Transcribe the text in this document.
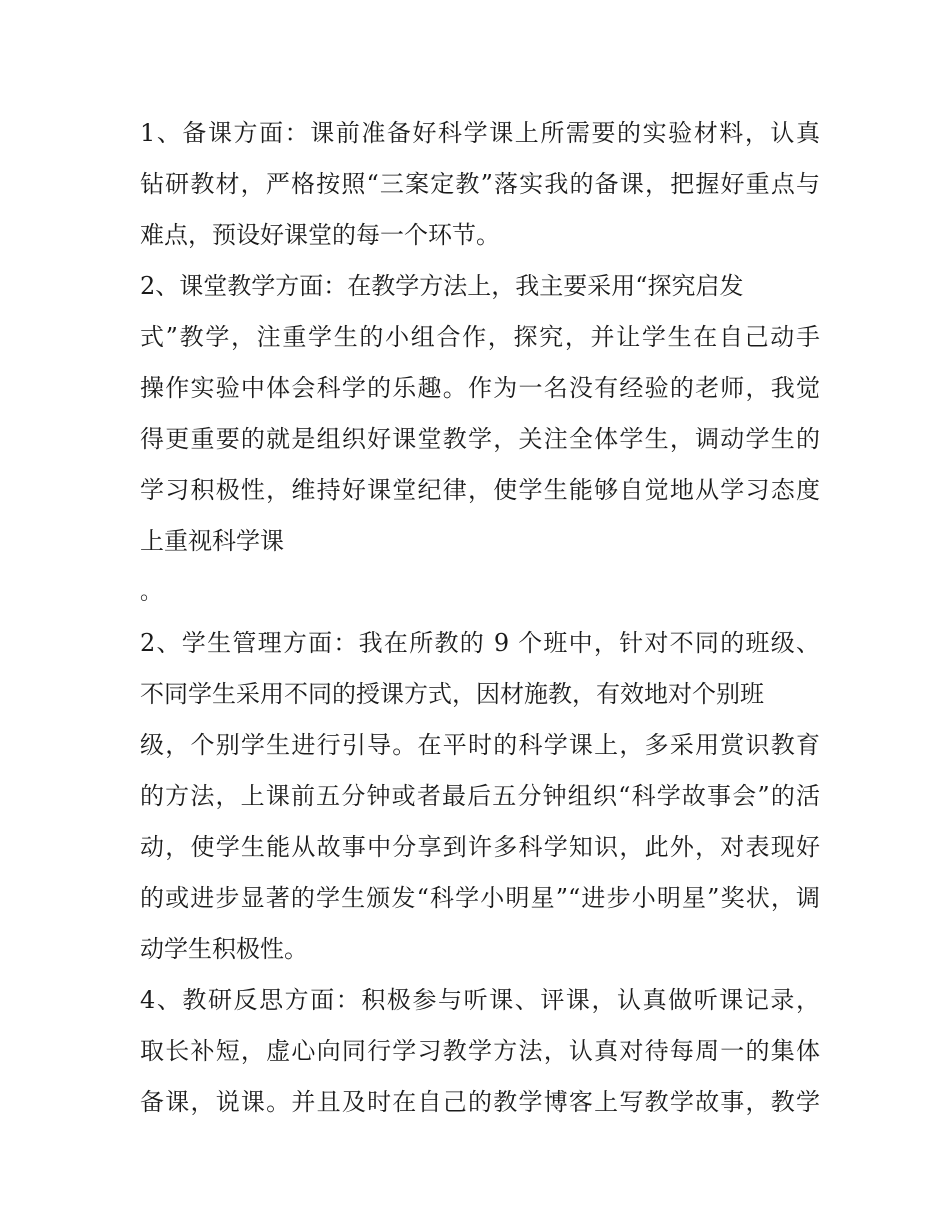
1、备课方面：课前准备好科学课上所需要的实验材料，认真
钻研教材，严格按照“三案定教”落实我的备课，把握好重点与
难点，预设好课堂的每一个环节。
2、课堂教学方面：在教学方法上，我主要采用“探究启发
式”教学，注重学生的小组合作，探究，并让学生在自己动手
操作实验中体会科学的乐趣。作为一名没有经验的老师，我觉
得更重要的就是组织好课堂教学，关注全体学生，调动学生的
学习积极性，维持好课堂纪律，使学生能够自觉地从学习态度
上重视科学课
。
2、学生管理方面：我在所教的 9 个班中，针对不同的班级、
不同学生采用不同的授课方式，因材施教，有效地对个别班
级，个别学生进行引导。在平时的科学课上，多采用赏识教育
的方法，上课前五分钟或者最后五分钟组织“科学故事会”的活
动，使学生能从故事中分享到许多科学知识，此外，对表现好
的或进步显著的学生颁发“科学小明星”“进步小明星”奖状，调
动学生积极性。
4、教研反思方面：积极参与听课、评课，认真做听课记录，
取长补短，虚心向同行学习教学方法，认真对待每周一的集体
备课，说课。并且及时在自己的教学博客上写教学故事，教学
